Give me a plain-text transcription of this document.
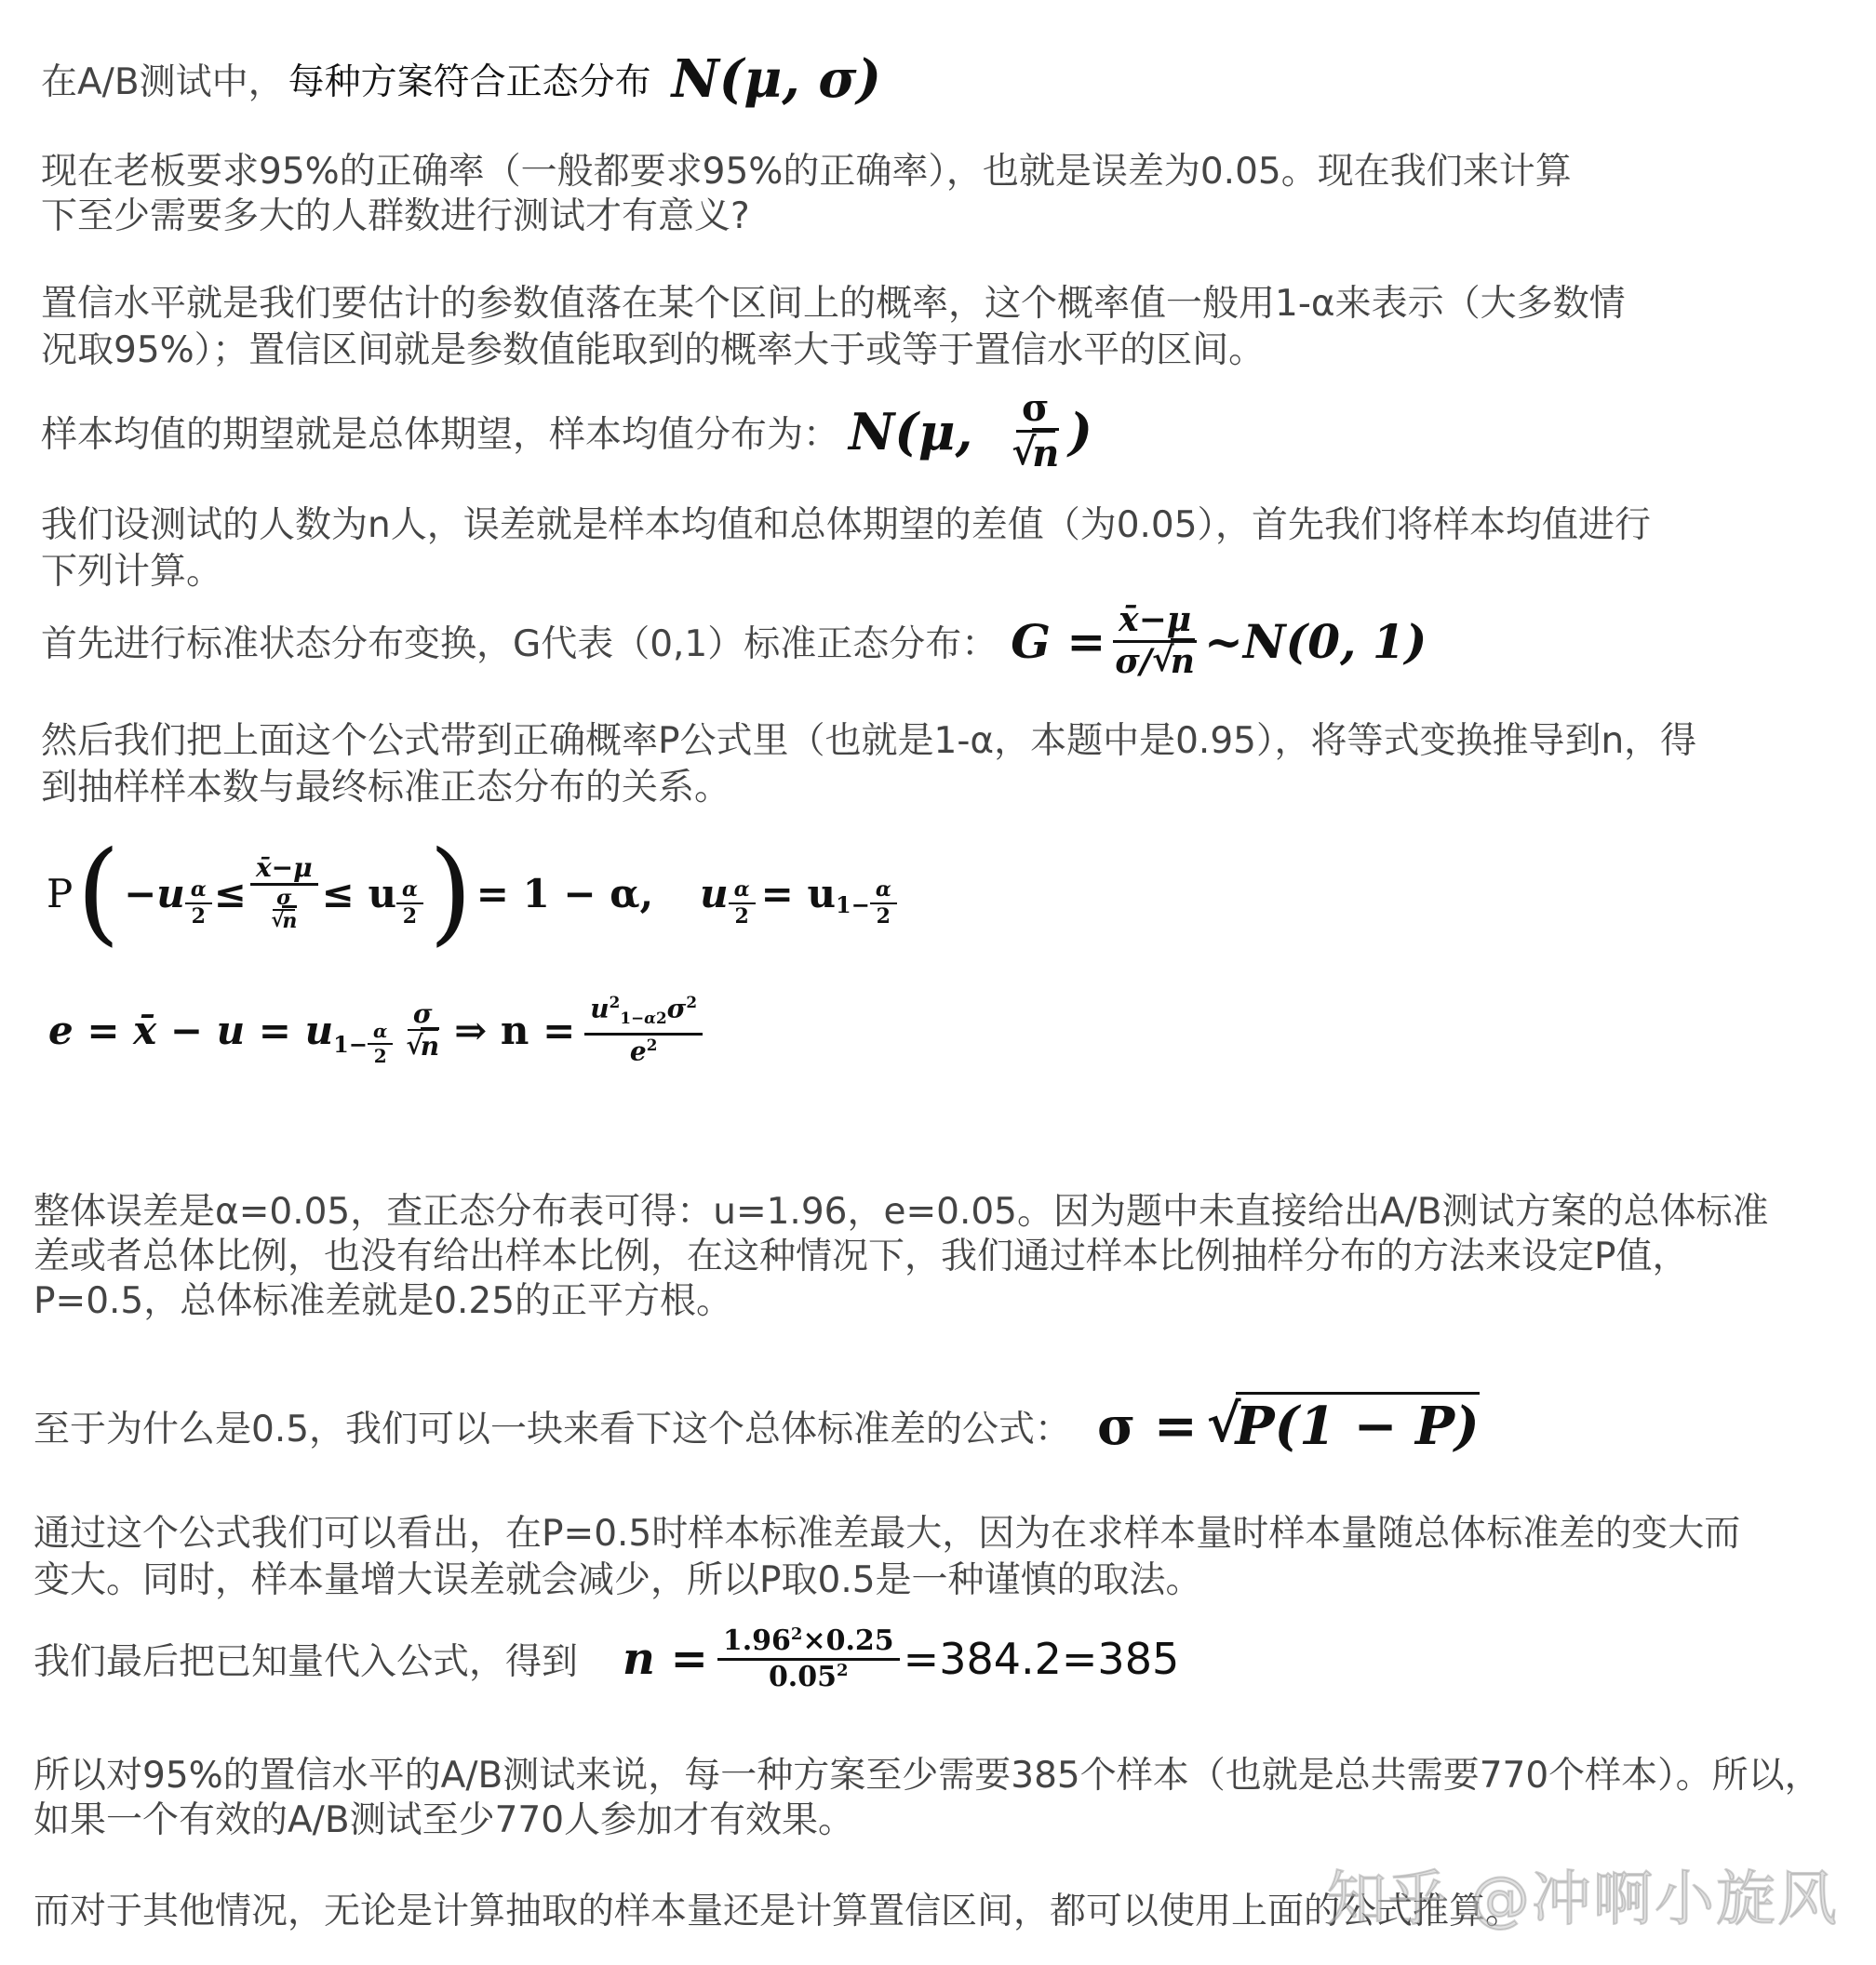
在A/B测试中， 每种方案符合正态分布 N(μ, σ)
现在老板要求95%的正确率（一般都要求95%的正确率），也就是误差为0.05。现在我们来计算
下至少需要多大的人群数进行测试才有意义?
置信水平就是我们要估计的参数值落在某个区间上的概率，这个概率值一般用1-α来表示（大多数情
况取95%）；置信区间就是参数值能取到的概率大于或等于置信水平的区间。
样本均值的期望就是总体期望，样本均值分布为： N(μ, σ
√ n )
我们设测试的人数为n人，误差就是样本均值和总体期望的差值（为0.05），首先我们将样本均值进行
下列计算。
首先进行标准状态分布变换，G代表（0,1）标准正态分布： $G = \frac{x̄-\mu}{\sigma/ √ n}$ ~N(0, 1)
然后我们把上面这个公式带到正确概率P公式里（也就是1-α，本题中是0.95），将等式变换推导到n，得
到抽样样本数与最终标准正态分布的关系。
P ( $-u \frac{\alpha}{2}$ ≤ x̄−μ
σ
√ n ≤ u $\frac{\alpha}{2}$ ) = 1 − α, u $\frac{\alpha}{2} = u$ $1- \frac{\alpha}{2}$
e = x̄ − u = u $1- \frac{\alpha}{2}$ σ
√ n ⇒ $n = \frac{u^2_{1-\alpha 2}\sigma^2}{e^2}$
整体误差是α=0.05，查正态分布表可得：u=1.96，e=0.05。因为题中未直接给出A/B测试方案的总体标准
差或者总体比例，也没有给出样本比例，在这种情况下，我们通过样本比例抽样分布的方法来设定P值，
P=0.5，总体标准差就是0.25的正平方根。
至于为什么是0.5，我们可以一块来看下这个总体标准差的公式： σ = √ P(1 − P)
通过这个公式我们可以看出，在P=0.5时样本标准差最大，因为在求样本量时样本量随总体标准差的变大而
变大。同时，样本量增大误差就会减少，所以P取0.5是一种谨慎的取法。
我们最后把已知量代入公式，得到 $n = \frac{1.96^2\times 0.25}{0.05^2} =384.2=385$
所以对95%的置信水平的A/B测试来说，每一种方案至少需要385个样本（也就是总共需要770个样本）。所以，
如果一个有效的A/B测试至少770人参加才有效果。
而对于其他情况，无论是计算抽取的样本量还是计算置信区间，都可以使用上面的公式推算。
知乎 @冲啊小旋风
